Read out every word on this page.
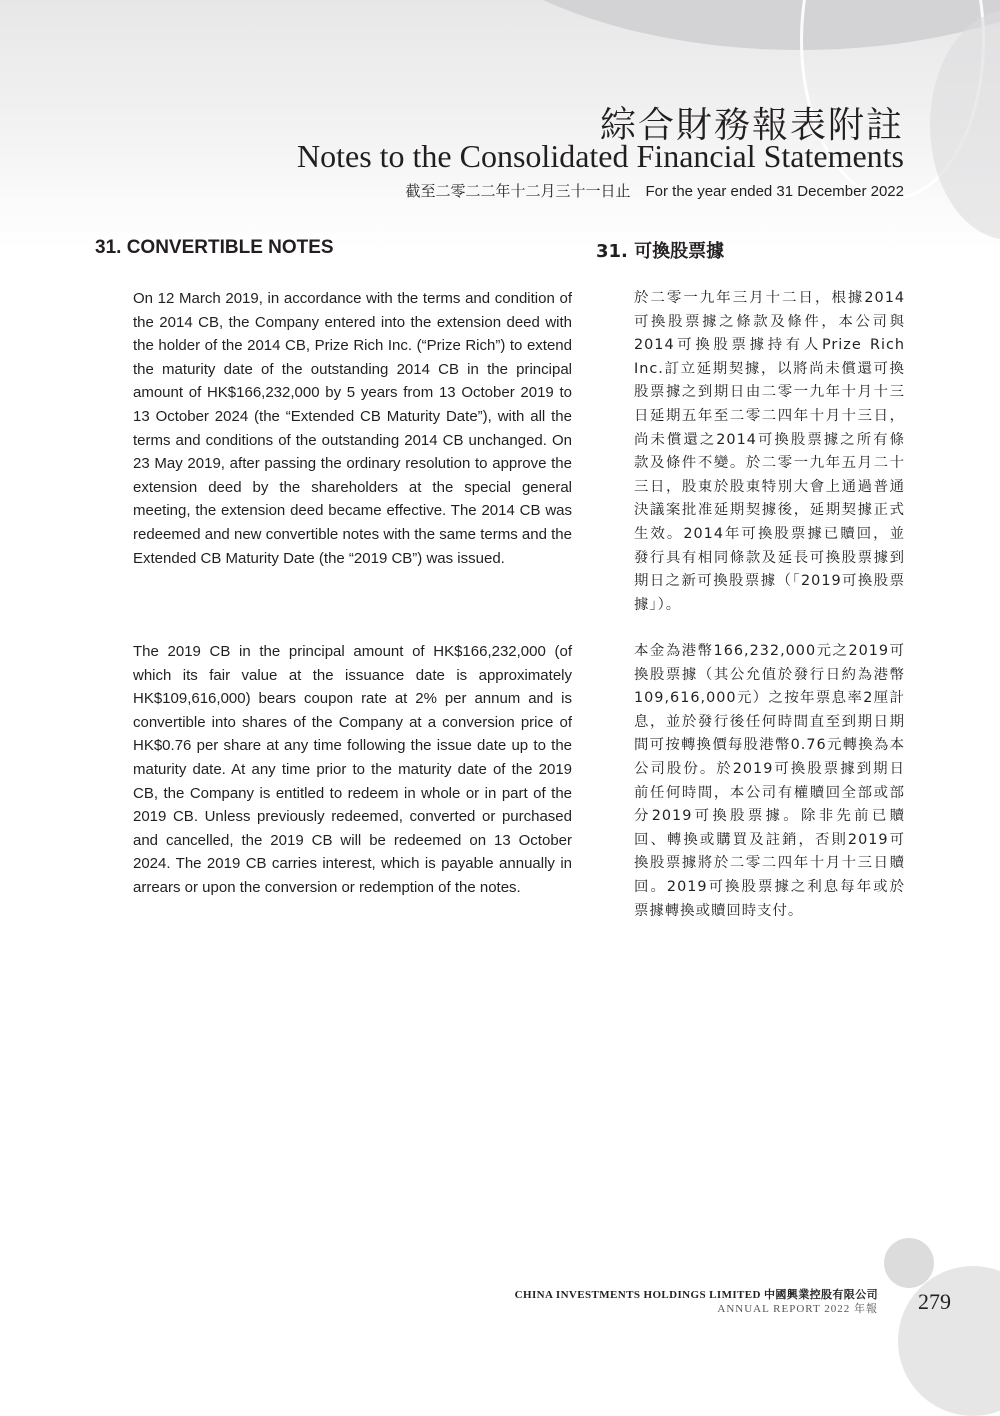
綜合財務報表附註
Notes to the Consolidated Financial Statements
截至二零二二年十二月三十一日止　For the year ended 31 December 2022
31. CONVERTIBLE NOTES	31. 可換股票據

On 12 March 2019, in accordance with the terms and condition of the 2014 CB, the Company entered into the extension deed with the holder of the 2014 CB, Prize Rich Inc. (“Prize Rich”) to extend the maturity date of the outstanding 2014 CB in the principal amount of HK$166,232,000 by 5 years from 13 October 2019 to 13 October 2024 (the “Extended CB Maturity Date”), with all the terms and conditions of the outstanding 2014 CB unchanged. On 23 May 2019, after passing the ordinary resolution to approve the extension deed by the shareholders at the special general meeting, the extension deed became effective. The 2014 CB was redeemed and new convertible notes with the same terms and the Extended CB Maturity Date (the “2019 CB”) was issued.

The 2019 CB in the principal amount of HK$166,232,000 (of which its fair value at the issuance date is approximately HK$109,616,000) bears coupon rate at 2% per annum and is convertible into shares of the Company at a conversion price of HK$0.76 per share at any time following the issue date up to the maturity date. At any time prior to the maturity date of the 2019 CB, the Company is entitled to redeem in whole or in part of the 2019 CB. Unless previously redeemed, converted or purchased and cancelled, the 2019 CB will be redeemed on 13 October 2024. The 2019 CB carries interest, which is payable annually in arrears or upon the conversion or redemption of the notes.

於二零一九年三月十二日，根據2014可換股票據之條款及條件，本公司與2014可換股票據持有人Prize Rich Inc.訂立延期契據，以將尚未償還可換股票據之到期日由二零一九年十月十三日延期五年至二零二四年十月十三日，尚未償還之2014可換股票據之所有條款及條件不變。於二零一九年五月二十三日，股東於股東特別大會上通過普通決議案批准延期契據後，延期契據正式生效。2014年可換股票據已贖回，並發行具有相同條款及延長可換股票據到期日之新可換股票據（「2019可換股票據」）。

本金為港幣166,232,000元之2019可換股票據（其公允值於發行日約為港幣109,616,000元）之按年票息率2厘計息，並於發行後任何時間直至到期日期間可按轉換價每股港幣0.76元轉換為本公司股份。於2019可換股票據到期日前任何時間，本公司有權贖回全部或部分2019可換股票據。除非先前已贖回、轉換或購買及註銷，否則2019可換股票據將於二零二四年十月十三日贖回。2019可換股票據之利息每年或於票據轉換或贖回時支付。

CHINA INVESTMENTS HOLDINGS LIMITED 中國興業控股有限公司
ANNUAL REPORT 2022 年報 279
